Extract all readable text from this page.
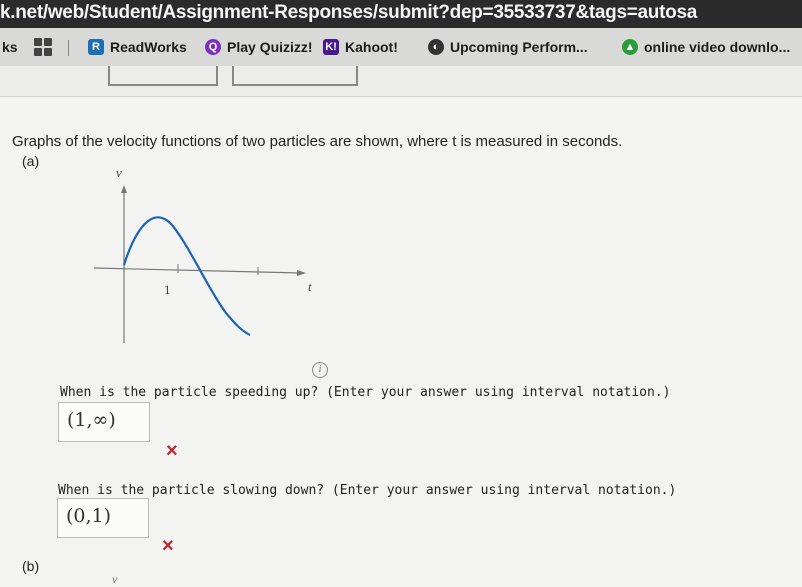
k.net/web/Student/Assignment-Responses/submit?dep=35533737&tags=autosa
ks	R ReadWorks	Q Play Quizizz! K! Kahoot!	◐ Upcoming Perform...	▲ online video downlo...
Graphs of the velocity functions of two particles are shown, where t is measured in seconds.
(a)
v
t
1
i
When is the particle speeding up? (Enter your answer using interval notation.)
(1,∞)
×
When is the particle slowing down? (Enter your answer using interval notation.)
(0,1)
×
(b)
v
